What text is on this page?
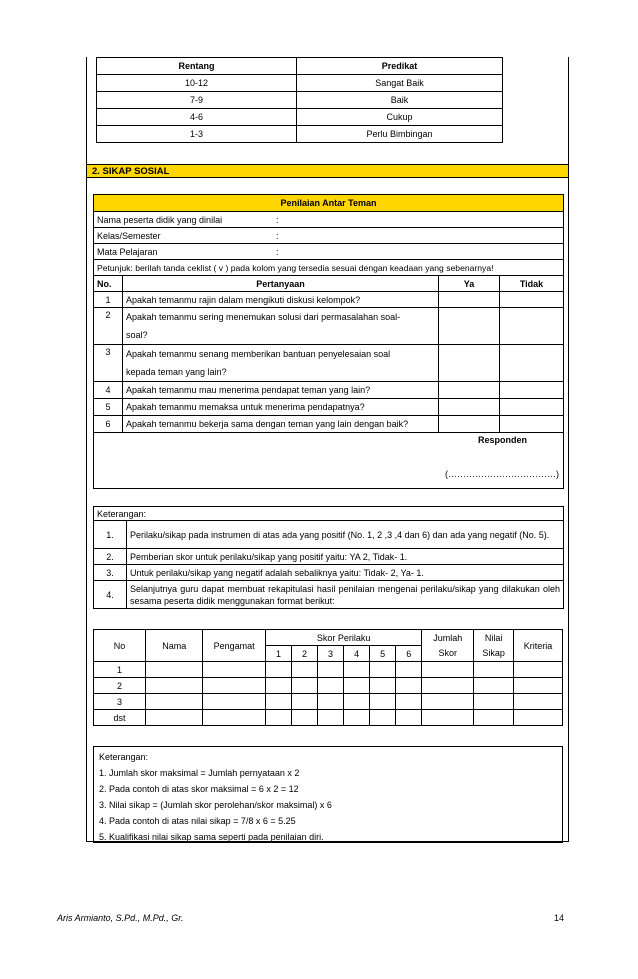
Rentang	Predikat
10-12	Sangat Baik
7-9	Baik
4-6	Cukup
1-3	Perlu Bimbingan
2. SIKAP SOSIAL
Penilaian Antar Teman			
Nama peserta didik yang dinilai :			

Kelas/Semester :			

Mata Pelajaran :			

Petunjuk: berilah tanda ceklist ( v ) pada kolom yang tersedia sesuai dengan keadaan yang sebenarnya!			
No.	Pertanyaan	Ya	Tidak
1	Apakah temanmu rajin dalam mengikuti diskusi kelompok?		
2	Apakah temanmu sering menemukan solusi dari permasalahan soal-
soal?		

3	Apakah temanmu senang memberikan bantuan penyelesaian soal
kepada teman yang lain?		

4	Apakah temanmu mau menerima pendapat teman yang lain?		
5	Apakah temanmu memaksa untuk menerima pendapatnya?		
6	Apakah temanmu bekerja sama dengan teman yang lain dengan baik?		

Responden
(………………………………)			
Keterangan:	
1.	Perilaku/sikap pada instrumen di atas ada yang positif (No. 1, 2 ,3 ,4 dan 6) dan ada yang negatif (No. 5).
2.	Pemberian skor untuk perilaku/sikap yang positif yaitu: YA 2, Tidak- 1.
3.	Untuk perilaku/sikap yang negatif adalah sebaliknya yaitu: Tidak- 2, Ya- 1.
4.	Selanjutnya guru dapat membuat rekapitulasi hasil penilaian mengenai perilaku/sikap yang dilakukan oleh sesama peserta didik menggunakan format berikut:
No	Nama	Pengamat	Skor Perilaku						Jumlah	Nilai	Kriteria
			1	2	3	4	5	6	Skor	Sikap	
1											
2											
3											
dst											
Keterangan:
1. Jumlah skor maksimal = Jumlah pernyataan x 2
2. Pada contoh di atas skor maksimal = 6 x 2 = 12
3. Nilai sikap = (Jumlah skor perolehan/skor maksimal) x 6
4. Pada contoh di atas nilai sikap = 7/8 x 6 = 5.25
5. Kualifikasi nilai sikap sama seperti pada penilaian diri.
Aris Armianto, S.Pd., M.Pd., Gr.	14
